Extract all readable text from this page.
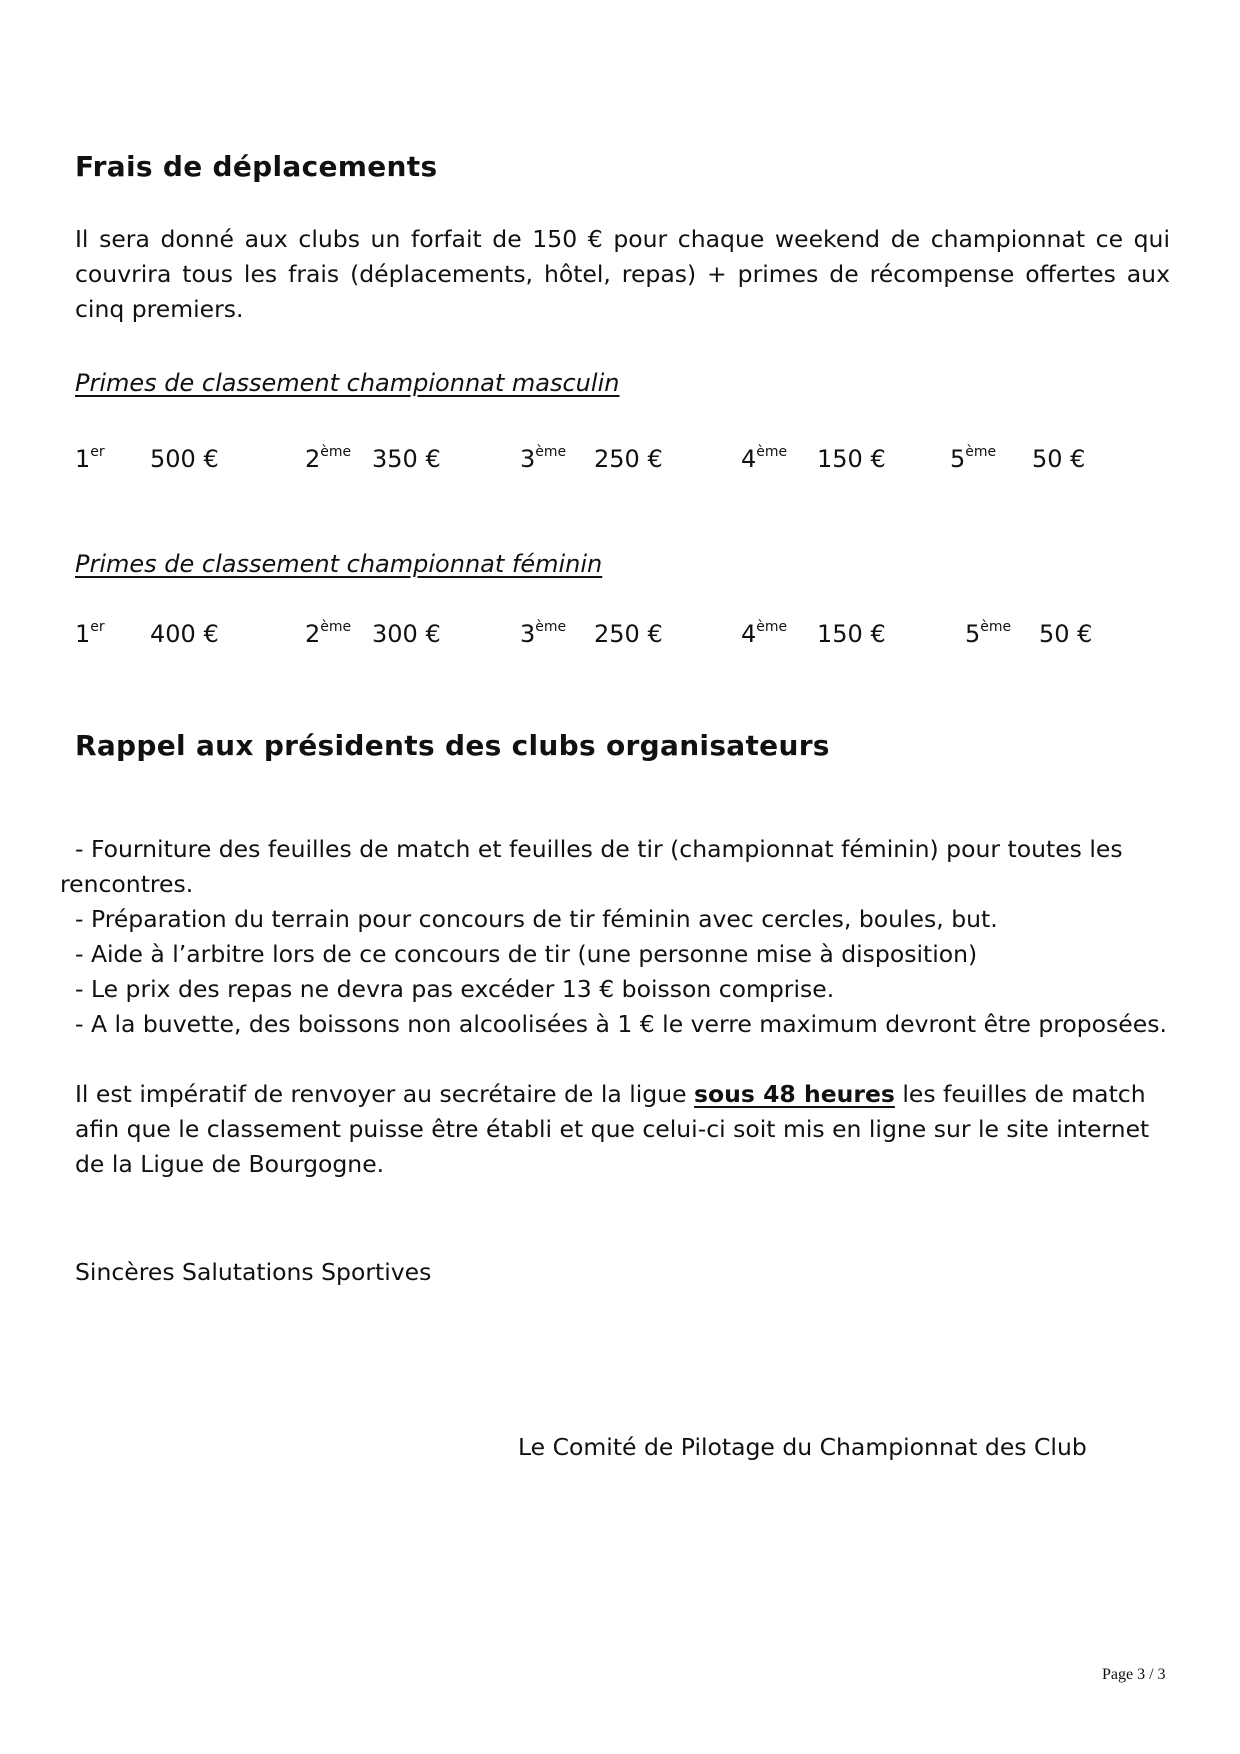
Frais de déplacements
Il sera donné aux clubs un forfait de 150 € pour chaque weekend de championnat ce qui couvrira tous les frais (déplacements, hôtel, repas) + primes de récompense offertes aux cinq premiers.
Primes de classement championnat masculin
1er 500 €	2ème 350 €	3ème 250 €	4ème 150 €	5ème 50 €
Primes de classement championnat féminin
1er 400 €	2ème 300 €	3ème 250 €	4ème 150 €	5ème 50 €
Rappel aux présidents des clubs organisateurs
- Fourniture des feuilles de match et feuilles de tir (championnat féminin) pour toutes les
rencontres.
- Préparation du terrain pour concours de tir féminin avec cercles, boules, but.
- Aide à l’arbitre lors de ce concours de tir (une personne mise à disposition)
- Le prix des repas ne devra pas excéder 13 € boisson comprise.
- A la buvette, des boissons non alcoolisées à 1 € le verre maximum devront être proposées.
Il est impératif de renvoyer au secrétaire de la ligue sous 48 heures les feuilles de match
afin que le classement puisse être établi et que celui-ci soit mis en ligne sur le site internet
de la Ligue de Bourgogne.
Sincères Salutations Sportives
Le Comité de Pilotage du Championnat des Club
Page 3 / 3
